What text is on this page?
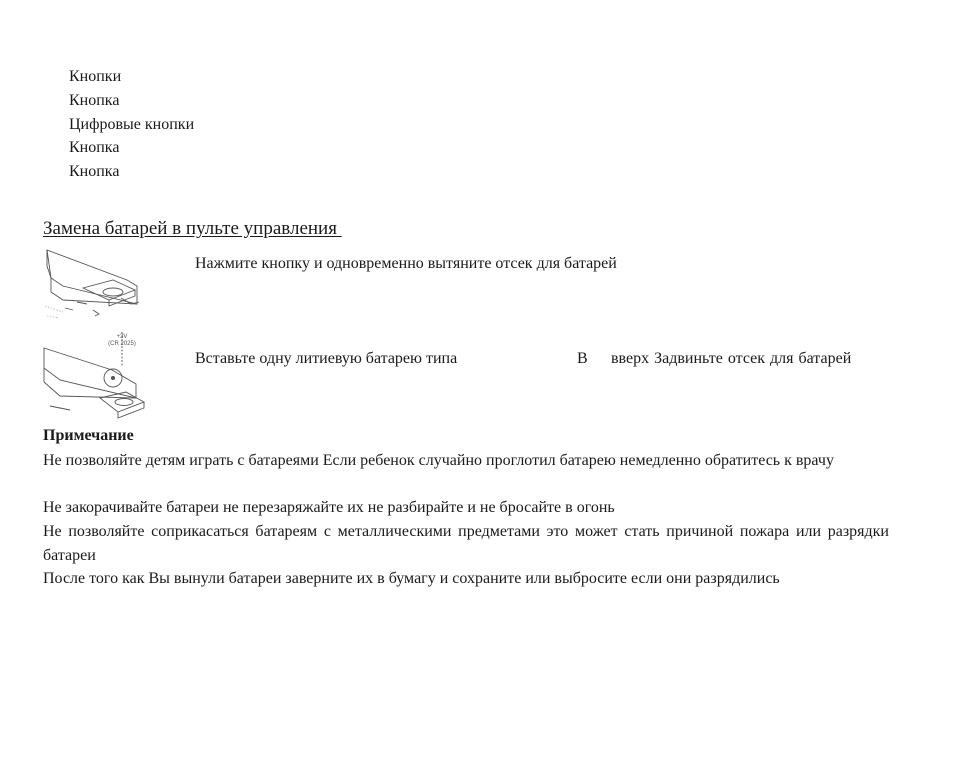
Кнопки
Кнопка
Цифровые кнопки
Кнопка
Кнопка
Замена батарей в пульте управления
Нажмите кнопку и одновременно вытяните отсек для батарей
+3V
(CR 2025)
Вставьте одну литиевую батарею типа	В вверх Задвиньте отсек для батарей
Примечание
Не позволяйте детям играть с батареями Если ребенок случайно проглотил батарею немедленно обратитесь к врачу
Не закорачивайте батареи не перезаряжайте их не разбирайте и не бросайте в огонь
Не позволяйте соприкасаться батареям с металлическими предметами это может стать причиной пожара или разрядки батареи
После того как Вы вынули батареи заверните их в бумагу и сохраните или выбросите если они разрядились
